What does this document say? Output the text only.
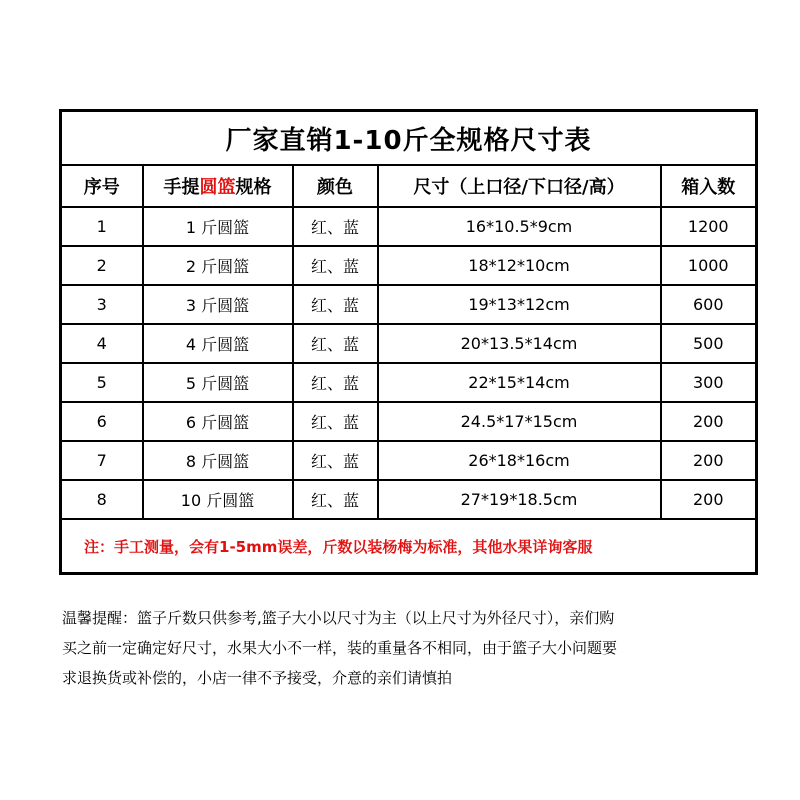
厂家直销1-10斤全规格尺寸表				
序号	手提圆篮规格	颜色	尺寸（上口径/下口径/高）	箱入数
1	1 斤圆篮	红、蓝	16*10.5*9cm	1200
2	2 斤圆篮	红、蓝	18*12*10cm	1000
3	3 斤圆篮	红、蓝	19*13*12cm	600
4	4 斤圆篮	红、蓝	20*13.5*14cm	500
5	5 斤圆篮	红、蓝	22*15*14cm	300
6	6 斤圆篮	红、蓝	24.5*17*15cm	200
7	8 斤圆篮	红、蓝	26*18*16cm	200
8	10 斤圆篮	红、蓝	27*19*18.5cm	200
注：手工测量，会有1-5mm误差，斤数以装杨梅为标准，其他水果详询客服				

温馨提醒：篮子斤数只供参考,篮子大小以尺寸为主（以上尺寸为外径尺寸），亲们购
买之前一定确定好尺寸，水果大小不一样，装的重量各不相同，由于篮子大小问题要
求退换货或补偿的，小店一律不予接受，介意的亲们请慎拍
